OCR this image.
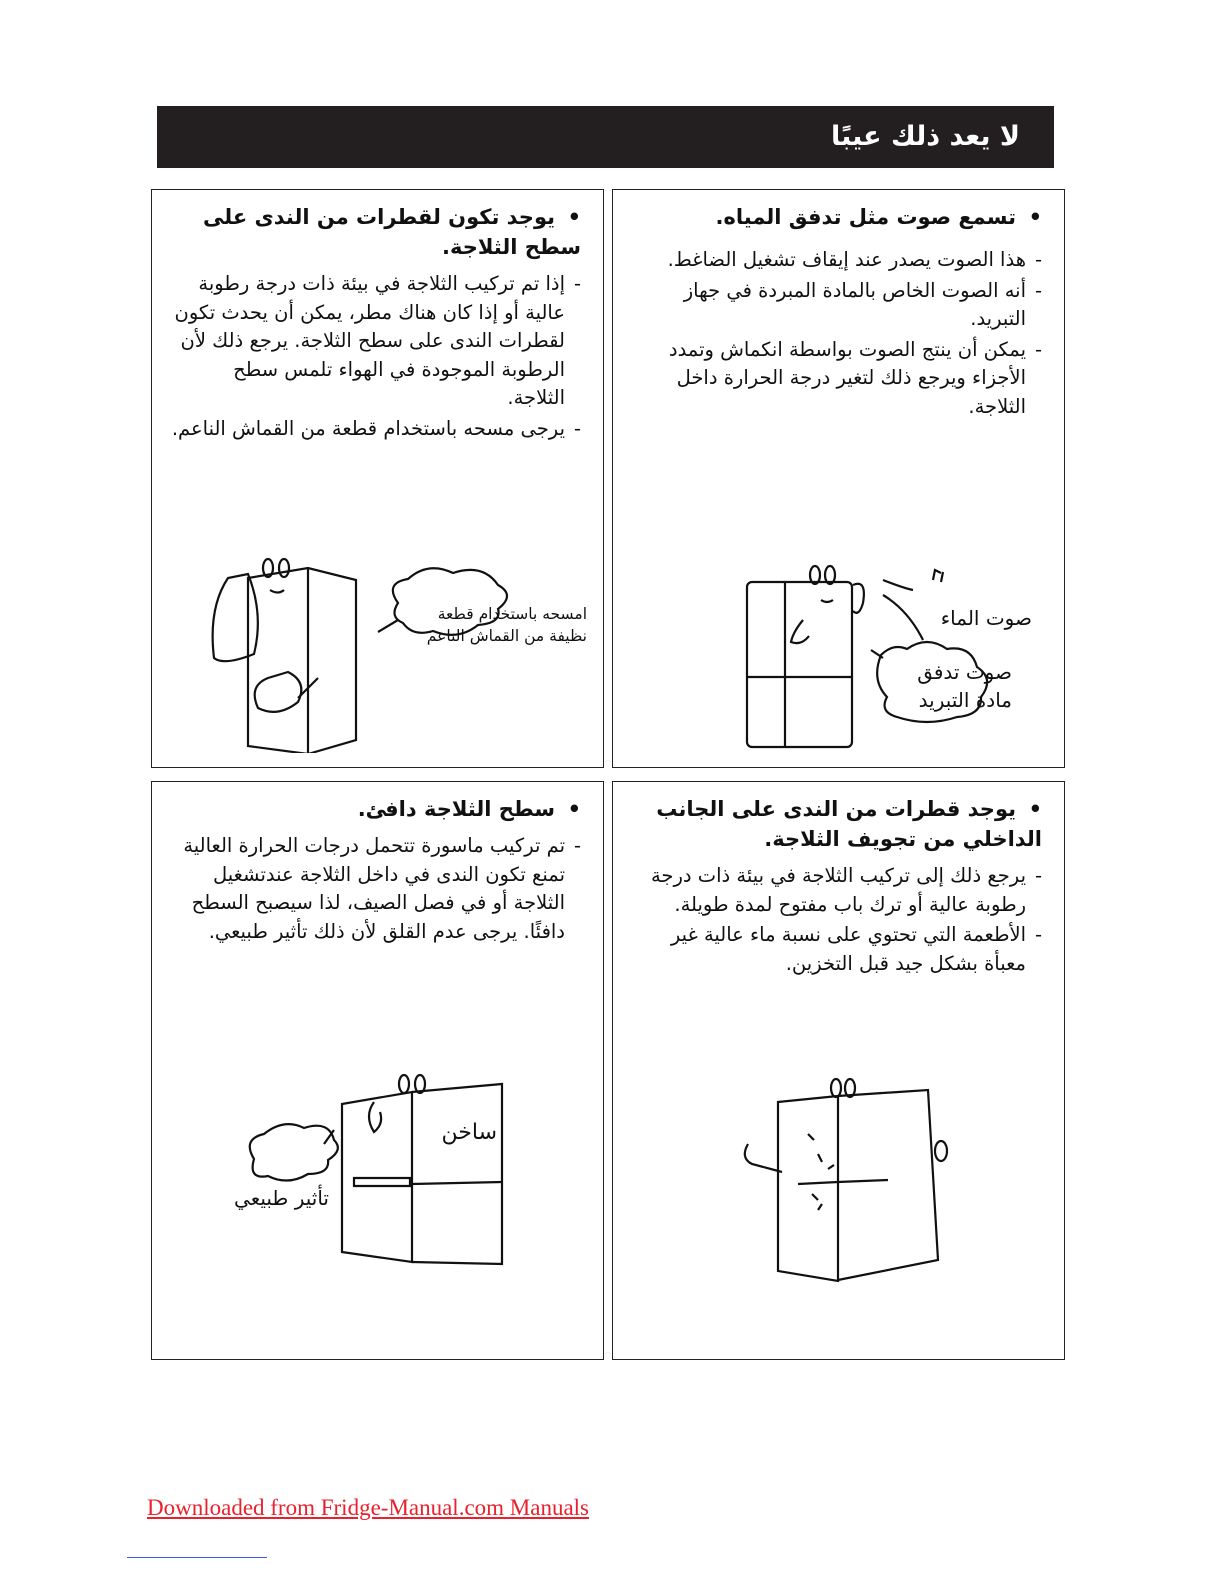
لا يعد ذلك عيبًا

•تسمع صوت مثل تدفق المياه.

-
هذا الصوت يصدر عند إيقاف تشغيل الضاغط.
-
أنه الصوت الخاص بالمادة المبردة في جهاز التبريد.
-
يمكن أن ينتج الصوت بواسطة انكماش وتمدد الأجزاء ويرجع ذلك لتغير درجة الحرارة داخل الثلاجة.
صوت الماء
صوت تدفق
مادة التبريد

•يوجد تكون لقطرات من الندى على سطح الثلاجة.

-
إذا تم تركيب الثلاجة في بيئة ذات درجة رطوبة عالية أو إذا كان هناك مطر، يمكن أن يحدث تكون لقطرات الندى على سطح الثلاجة. يرجع ذلك لأن الرطوبة الموجودة في الهواء تلمس سطح الثلاجة.
-
يرجى مسحه باستخدام قطعة من القماش الناعم.
امسحه باستخدام قطعة
نظيفة من القماش الناعم

•يوجد قطرات من الندى على الجانب الداخلي من تجويف الثلاجة.

-
يرجع ذلك إلى تركيب الثلاجة في بيئة ذات درجة رطوبة عالية أو ترك باب مفتوح لمدة طويلة.
-
الأطعمة التي تحتوي على نسبة ماء عالية غير معبأة بشكل جيد قبل التخزين.

•سطح الثلاجة دافئ.

-
تم تركيب ماسورة تتحمل درجات الحرارة العالية تمنع تكون الندى في داخل الثلاجة عندتشغيل الثلاجة أو في فصل الصيف، لذا سيصبح السطح دافئًا. يرجى عدم القلق لأن ذلك تأثير طبيعي.
ساخن
تأثير طبيعي
Downloaded from Fridge-Manual.com Manuals
